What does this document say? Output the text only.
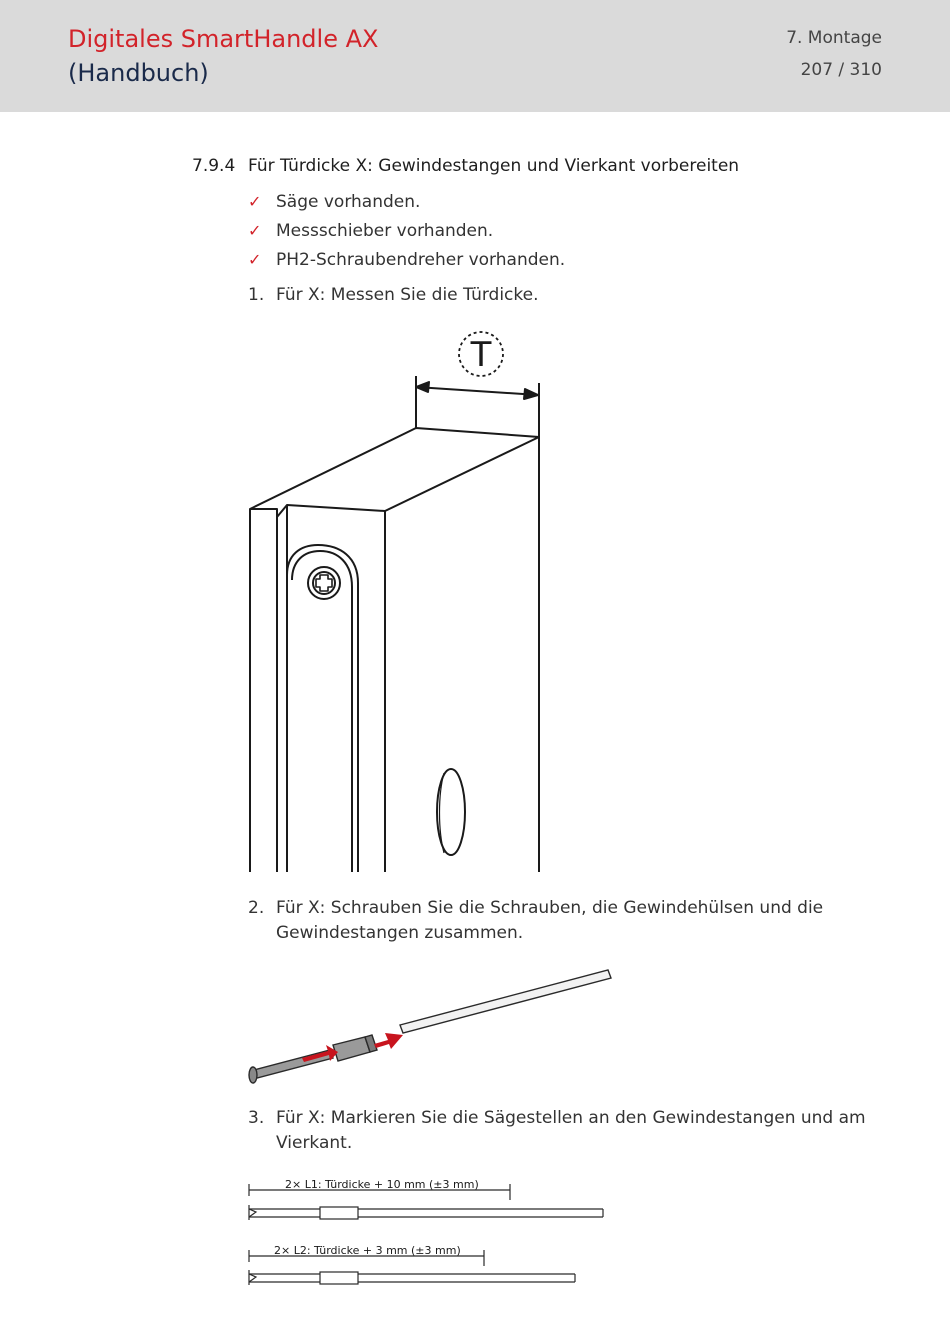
Digitales SmartHandle AX
(Handbuch)
7. Montage
207 / 310
7.9.4 Für Türdicke X: Gewindestangen und Vierkant vorbereiten
✓ Säge vorhanden.
✓ Messschieber vorhanden.
✓ PH2-Schraubendreher vorhanden.
1. Für X: Messen Sie die Türdicke.
T
2. Für X: Schrauben Sie die Schrauben, die Gewindehülsen und die Gewindestangen zusammen.
3. Für X: Markieren Sie die Sägestellen an den Gewindestangen und am Vierkant.
2× L1: Türdicke + 10 mm (±3 mm)
2× L2: Türdicke + 3 mm (±3 mm)
